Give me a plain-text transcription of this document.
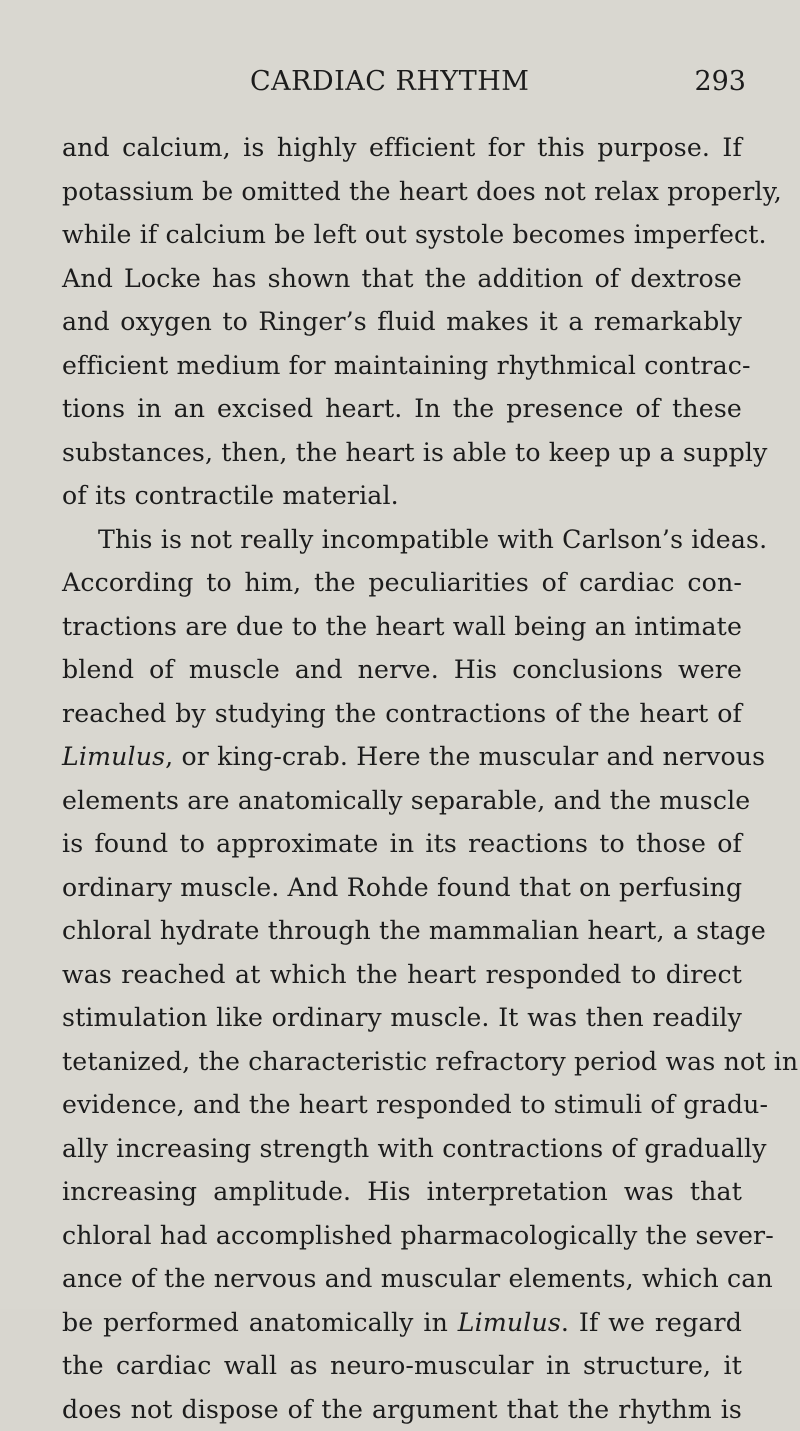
CARDIAC RHYTHM	293
and calcium, is highly efficient for this purpose. If
potassium be omitted the heart does not relax properly,
while if calcium be left out systole becomes imperfect.
And Locke has shown that the addition of dextrose
and oxygen to Ringer’s fluid makes it a remarkably
efficient medium for maintaining rhythmical contrac-
tions in an excised heart. In the presence of these
substances, then, the heart is able to keep up a supply
of its contractile material.
This is not really incompatible with Carlson’s ideas.
According to him, the peculiarities of cardiac con-
tractions are due to the heart wall being an intimate
blend of muscle and nerve. His conclusions were
reached by studying the contractions of the heart of
Limulus, or king-crab. Here the muscular and nervous
elements are anatomically separable, and the muscle
is found to approximate in its reactions to those of
ordinary muscle. And Rohde found that on perfusing
chloral hydrate through the mammalian heart, a stage
was reached at which the heart responded to direct
stimulation like ordinary muscle. It was then readily
tetanized, the characteristic refractory period was not in
evidence, and the heart responded to stimuli of gradu-
ally increasing strength with contractions of gradually
increasing amplitude. His interpretation was that
chloral had accomplished pharmacologically the sever-
ance of the nervous and muscular elements, which can
be performed anatomically in Limulus. If we regard
the cardiac wall as neuro-muscular in structure, it
does not dispose of the argument that the rhythm is
